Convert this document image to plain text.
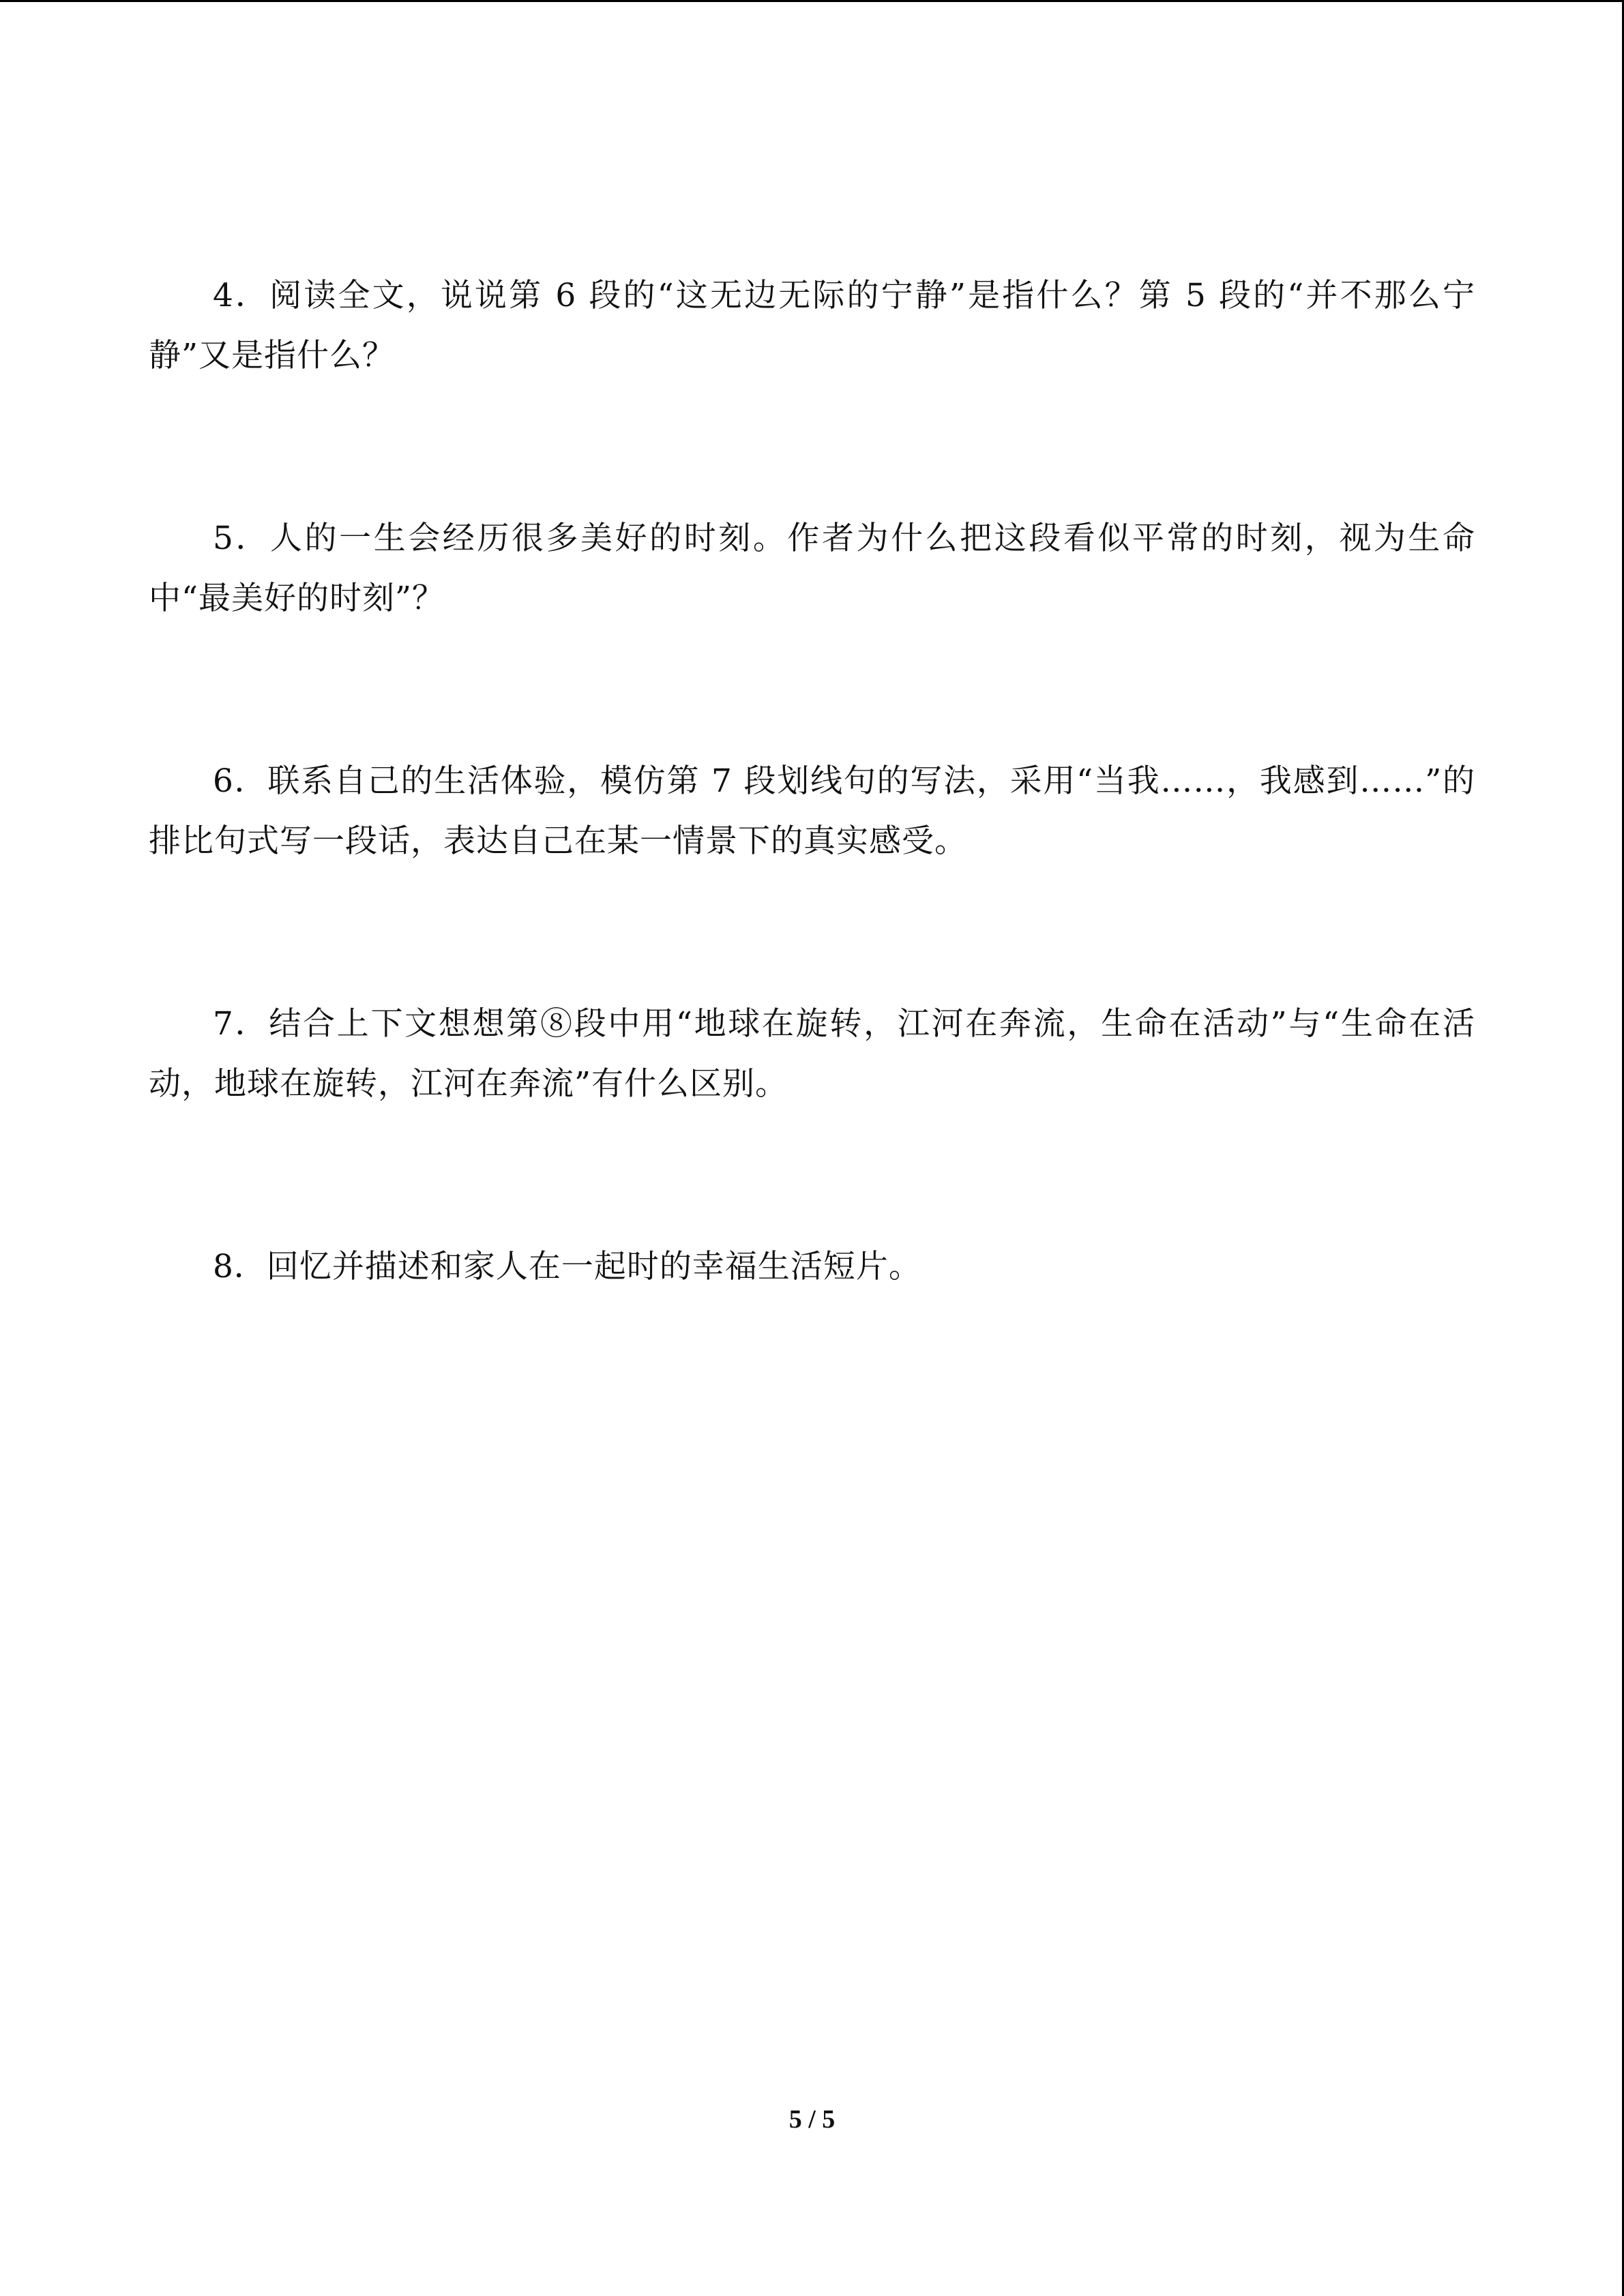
4．阅读全文，说说第 6 段的“这无边无际的宁静”是指什么？第 5 段的“并不那么宁静”又是指什么？

5．人的一生会经历很多美好的时刻。作者为什么把这段看似平常的时刻，视为生命中“最美好的时刻”？

6．联系自己的生活体验，模仿第 7 段划线句的写法，采用“当我……，我感到……”的排比句式写一段话，表达自己在某一情景下的真实感受。

7．结合上下文想想第⑧段中用“地球在旋转，江河在奔流，生命在活动”与“生命在活动，地球在旋转，江河在奔流”有什么区别。

8．回忆并描述和家人在一起时的幸福生活短片。

5 / 5
